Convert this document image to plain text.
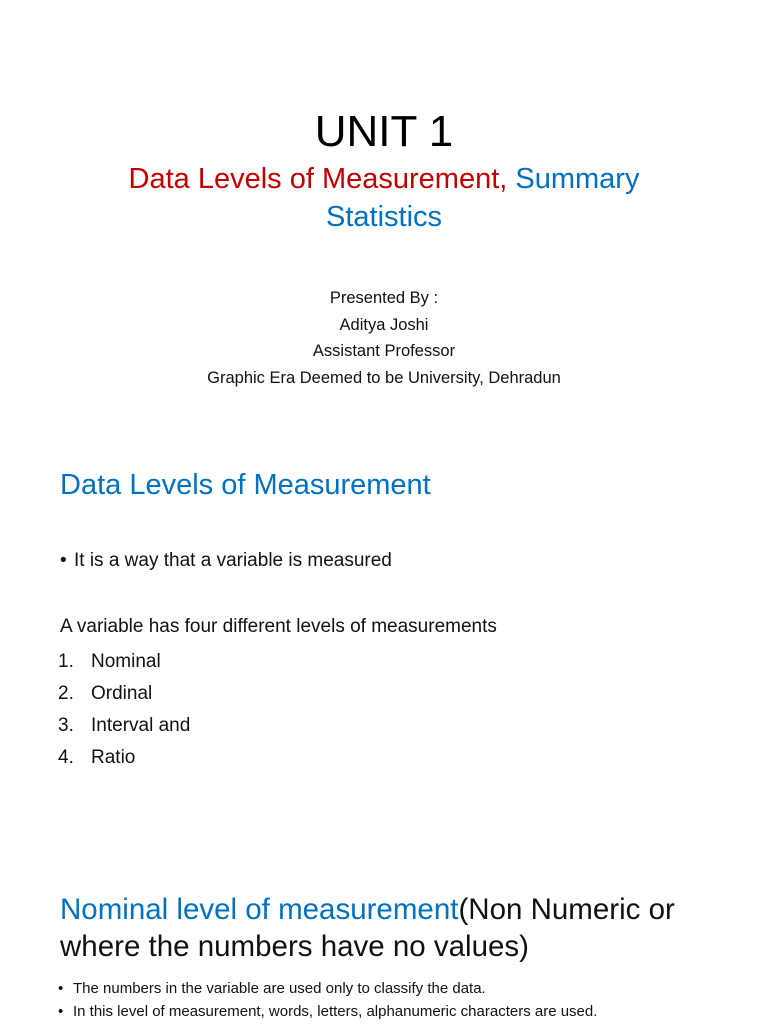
UNIT 1
Data Levels of Measurement, Summary Statistics
Presented By :
Aditya Joshi
Assistant Professor
Graphic Era Deemed to be University, Dehradun
Data Levels of Measurement
• It is a way that a variable is measured
A variable has four different levels of measurements
1. Nominal
2. Ordinal
3. Interval and
4. Ratio
Nominal level of measurement(Non Numeric or where the numbers have no values)
• The numbers in the variable are used only to classify the data.
• In this level of measurement, words, letters, alphanumeric characters are used.
